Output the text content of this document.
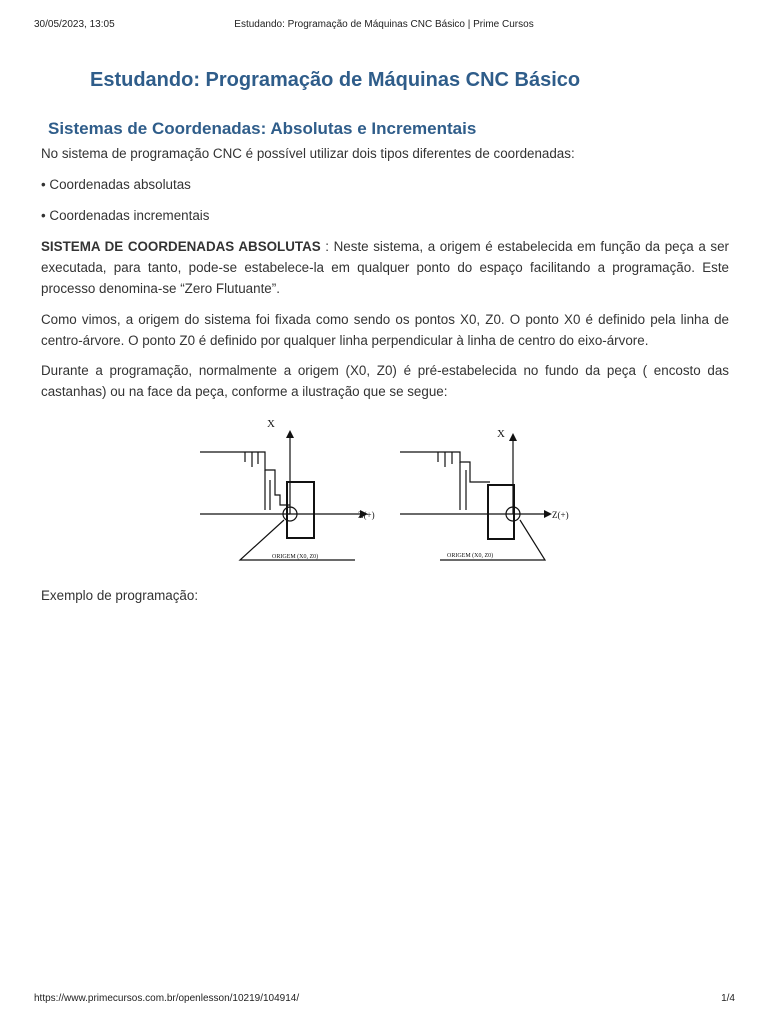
30/05/2023, 13:05	Estudando: Programação de Máquinas CNC Básico | Prime Cursos
Estudando: Programação de Máquinas CNC Básico
Sistemas de Coordenadas: Absolutas e Incrementais

No sistema de programação CNC é possível utilizar dois tipos diferentes de coordenadas:

• Coordenadas absolutas

• Coordenadas incrementais

SISTEMA DE COORDENADAS ABSOLUTAS : Neste sistema, a origem é estabelecida em função da peça a ser executada, para tanto, pode-se estabelece-la em qualquer ponto do espaço facilitando a programação. Este processo denomina-se “Zero Flutuante”.

Como vimos, a origem do sistema foi fixada como sendo os pontos X0, Z0. O ponto X0 é definido pela linha de centro-árvore. O ponto Z0 é definido por qualquer linha perpendicular à linha de centro do eixo-árvore.

Durante a programação, normalmente a origem (X0, Z0) é pré-estabelecida no fundo da peça ( encosto das castanhas) ou na face da peça, conforme a ilustração que se segue:

X
Z(+)
ORIGEM (X0, Z0)
X
Z(+)
ORIGEM (X0, Z0)

Exemplo de programação:

https://www.primecursos.com.br/openlesson/10219/104914/	1/4
